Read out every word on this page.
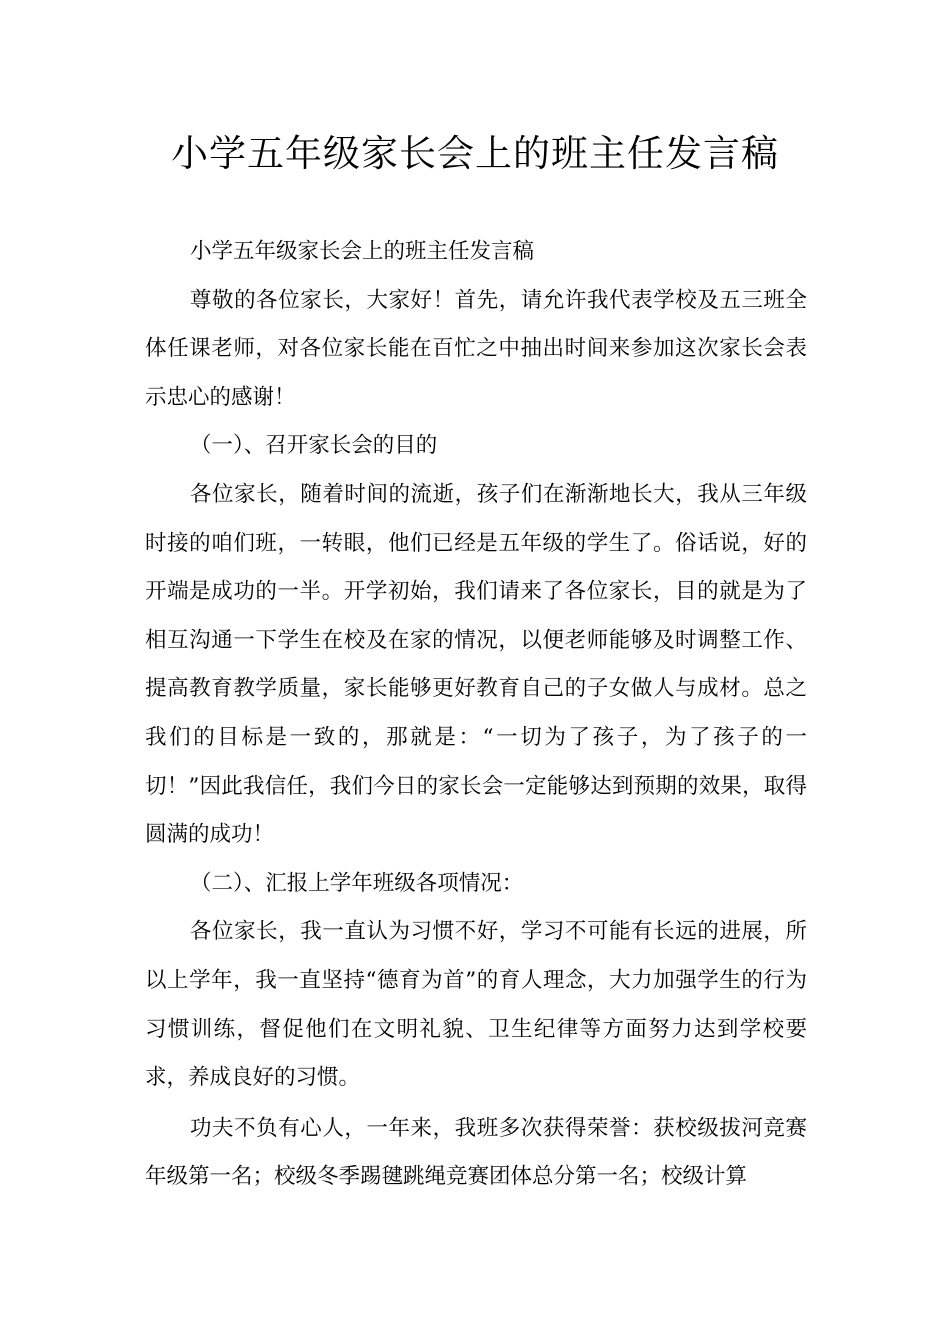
小学五年级家长会上的班主任发言稿

小学五年级家长会上的班主任发言稿

尊敬的各位家长，大家好！首先，请允许我代表学校及五三班全体任课老师，对各位家长能在百忙之中抽出时间来参加这次家长会表示忠心的感谢！

（一）、召开家长会的目的

各位家长，随着时间的流逝，孩子们在渐渐地长大，我从三年级时接的咱们班，一转眼，他们已经是五年级的学生了。俗话说，好的开端是成功的一半。开学初始，我们请来了各位家长，目的就是为了相互沟通一下学生在校及在家的情况，以便老师能够及时调整工作、提高教育教学质量，家长能够更好教育自己的子女做人与成材。总之我们的目标是一致的，那就是：“一切为了孩子，为了孩子的一切！”因此我信任，我们今日的家长会一定能够达到预期的效果，取得圆满的成功！

（二）、汇报上学年班级各项情况：

各位家长，我一直认为习惯不好，学习不可能有长远的进展，所以上学年，我一直坚持“德育为首”的育人理念，大力加强学生的行为习惯训练，督促他们在文明礼貌、卫生纪律等方面努力达到学校要求，养成良好的习惯。

功夫不负有心人，一年来，我班多次获得荣誉：获校级拔河竞赛年级第一名；校级冬季踢毽跳绳竞赛团体总分第一名；校级计算
